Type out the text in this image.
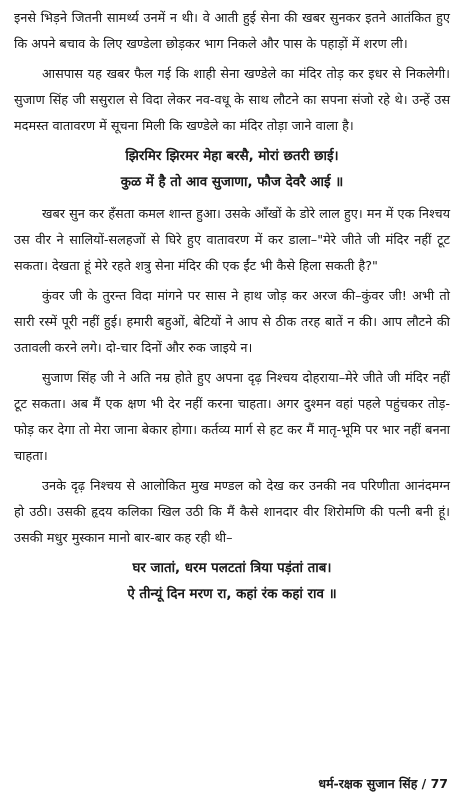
इनसे भिड़ने जितनी सामर्थ्य उनमें न थी। वे आती हुई सेना की खबर सुनकर इतने आतंकित हुए कि अपने बचाव के लिए खण्डेला छोड़कर भाग निकले और पास के पहाड़ों में शरण ली।

आसपास यह खबर फैल गई कि शाही सेना खण्डेले का मंदिर तोड़ कर इधर से निकलेगी। सुजाण सिंह जी ससुराल से विदा लेकर नव-वधू के साथ लौटने का सपना संजो रहे थे। उन्हें उस मदमस्त वातावरण में सूचना मिली कि खण्डेले का मंदिर तोड़ा जाने वाला है।

झिरमिर झिरमर मेहा बरसै, मोरां छतरी छाई।
कुळ में है तो आव सुजाणा, फौज देवरै आई ॥

खबर सुन कर हँसता कमल शान्त हुआ। उसके आँखों के डोरे लाल हुए। मन में एक निश्चय उस वीर ने सालियों-सलहजों से घिरे हुए वातावरण में कर डाला–"मेरे जीते जी मंदिर नहीं टूट सकता। देखता हूं मेरे रहते शत्रु सेना मंदिर की एक ईंट भी कैसे हिला सकती है?"

कुंवर जी के तुरन्त विदा मांगने पर सास ने हाथ जोड़ कर अरज की–कुंवर जी! अभी तो सारी रस्में पूरी नहीं हुई। हमारी बहुओं, बेटियों ने आप से ठीक तरह बातें न की। आप लौटने की उतावली करने लगे। दो-चार दिनों और रुक जाइये न।

सुजाण सिंह जी ने अति नम्र होते हुए अपना दृढ़ निश्चय दोहराया–मेरे जीते जी मंदिर नहीं टूट सकता। अब मैं एक क्षण भी देर नहीं करना चाहता। अगर दुश्मन वहां पहले पहुंचकर तोड़-फोड़ कर देगा तो मेरा जाना बेकार होगा। कर्तव्य मार्ग से हट कर मैं मातृ-भूमि पर भार नहीं बनना चाहता।

उनके दृढ़ निश्चय से आलोकित मुख मण्डल को देख कर उनकी नव परिणीता आनंदमग्न हो उठी। उसकी हृदय कलिका खिल उठी कि मैं कैसे शानदार वीर शिरोमणि की पत्नी बनी हूं। उसकी मधुर मुस्कान मानो बार-बार कह रही थी–

घर जातां, धरम पलटतां त्रिया पड़ंतां ताब।
ऐ तीन्यूं दिन मरण रा, कहां रंक कहां राव ॥
धर्म-रक्षक सुजान सिंह / 77
